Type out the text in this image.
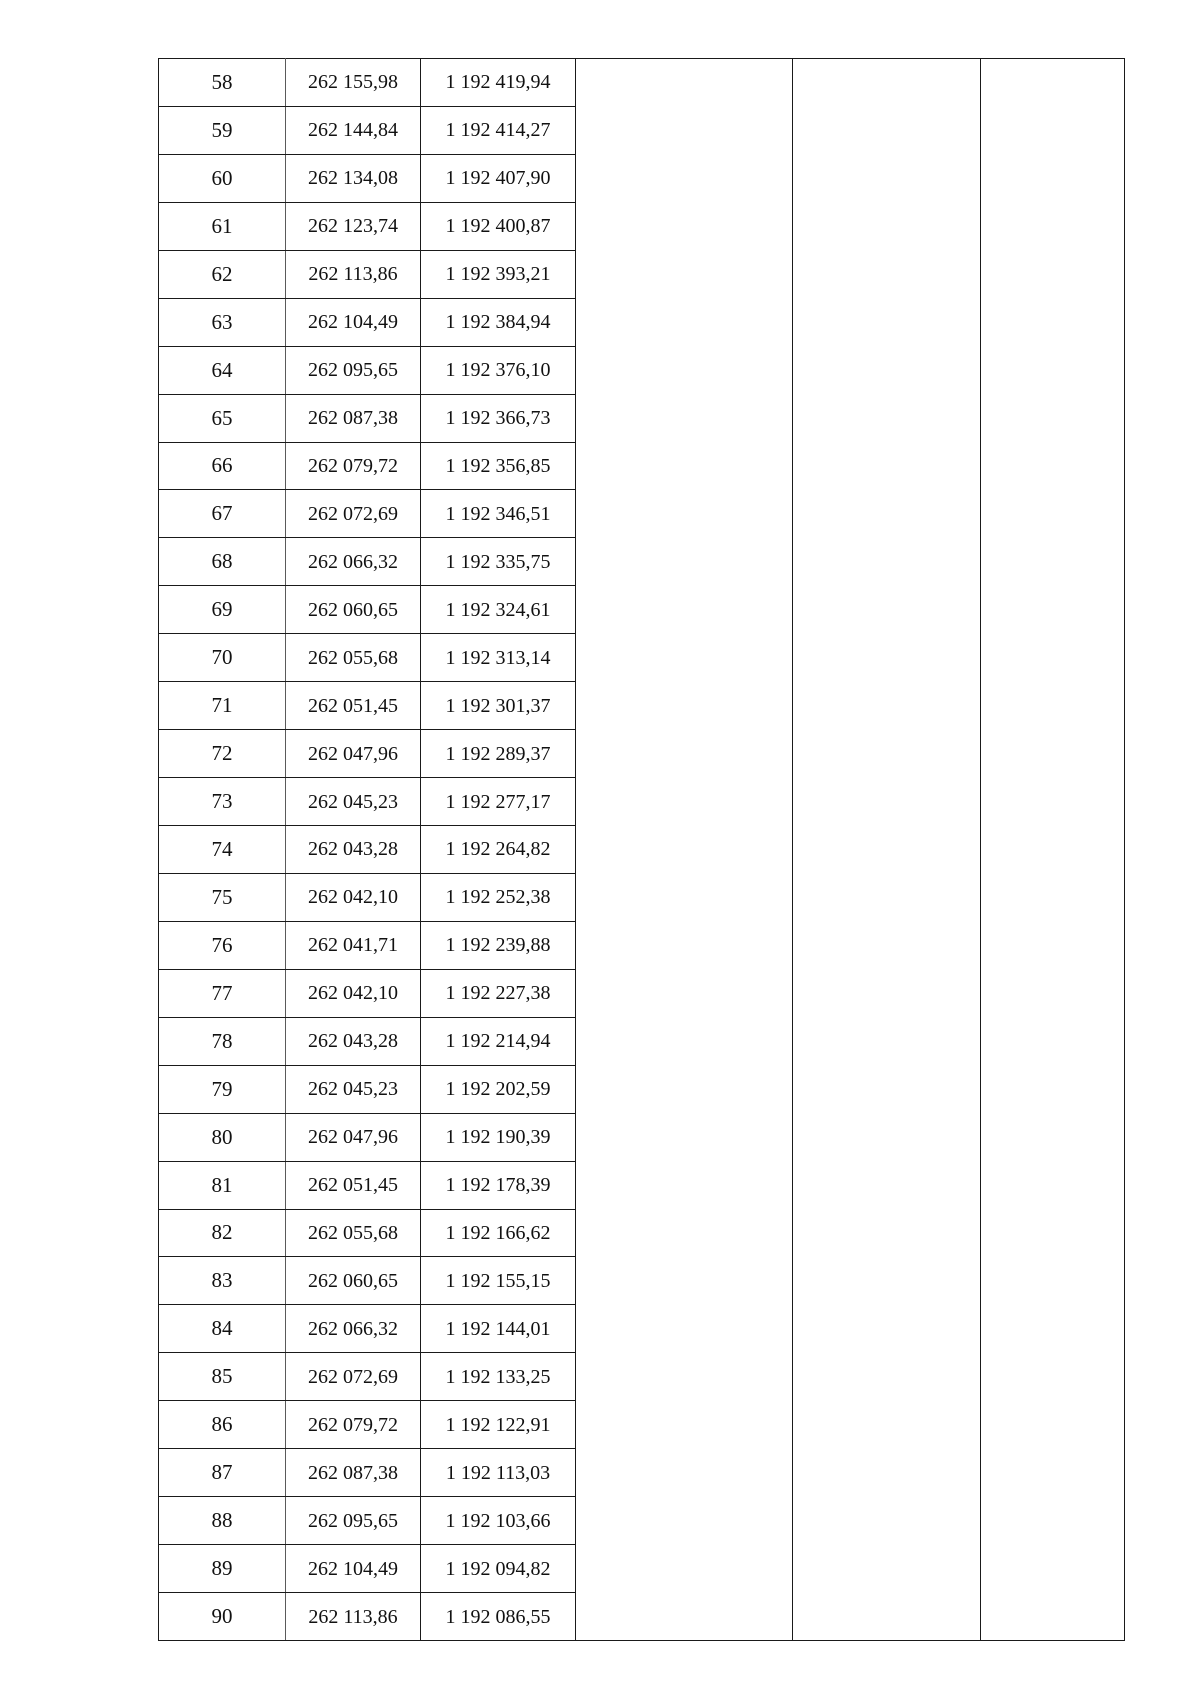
58	262 155,98	1 192 419,94			
59	262 144,84	1 192 414,27			
60	262 134,08	1 192 407,90			
61	262 123,74	1 192 400,87			
62	262 113,86	1 192 393,21			
63	262 104,49	1 192 384,94			
64	262 095,65	1 192 376,10			
65	262 087,38	1 192 366,73			
66	262 079,72	1 192 356,85			
67	262 072,69	1 192 346,51			
68	262 066,32	1 192 335,75			
69	262 060,65	1 192 324,61			
70	262 055,68	1 192 313,14			
71	262 051,45	1 192 301,37			
72	262 047,96	1 192 289,37			
73	262 045,23	1 192 277,17			
74	262 043,28	1 192 264,82			
75	262 042,10	1 192 252,38			
76	262 041,71	1 192 239,88			
77	262 042,10	1 192 227,38			
78	262 043,28	1 192 214,94			
79	262 045,23	1 192 202,59			
80	262 047,96	1 192 190,39			
81	262 051,45	1 192 178,39			
82	262 055,68	1 192 166,62			
83	262 060,65	1 192 155,15			
84	262 066,32	1 192 144,01			
85	262 072,69	1 192 133,25			
86	262 079,72	1 192 122,91			
87	262 087,38	1 192 113,03			
88	262 095,65	1 192 103,66			
89	262 104,49	1 192 094,82			
90	262 113,86	1 192 086,55			
